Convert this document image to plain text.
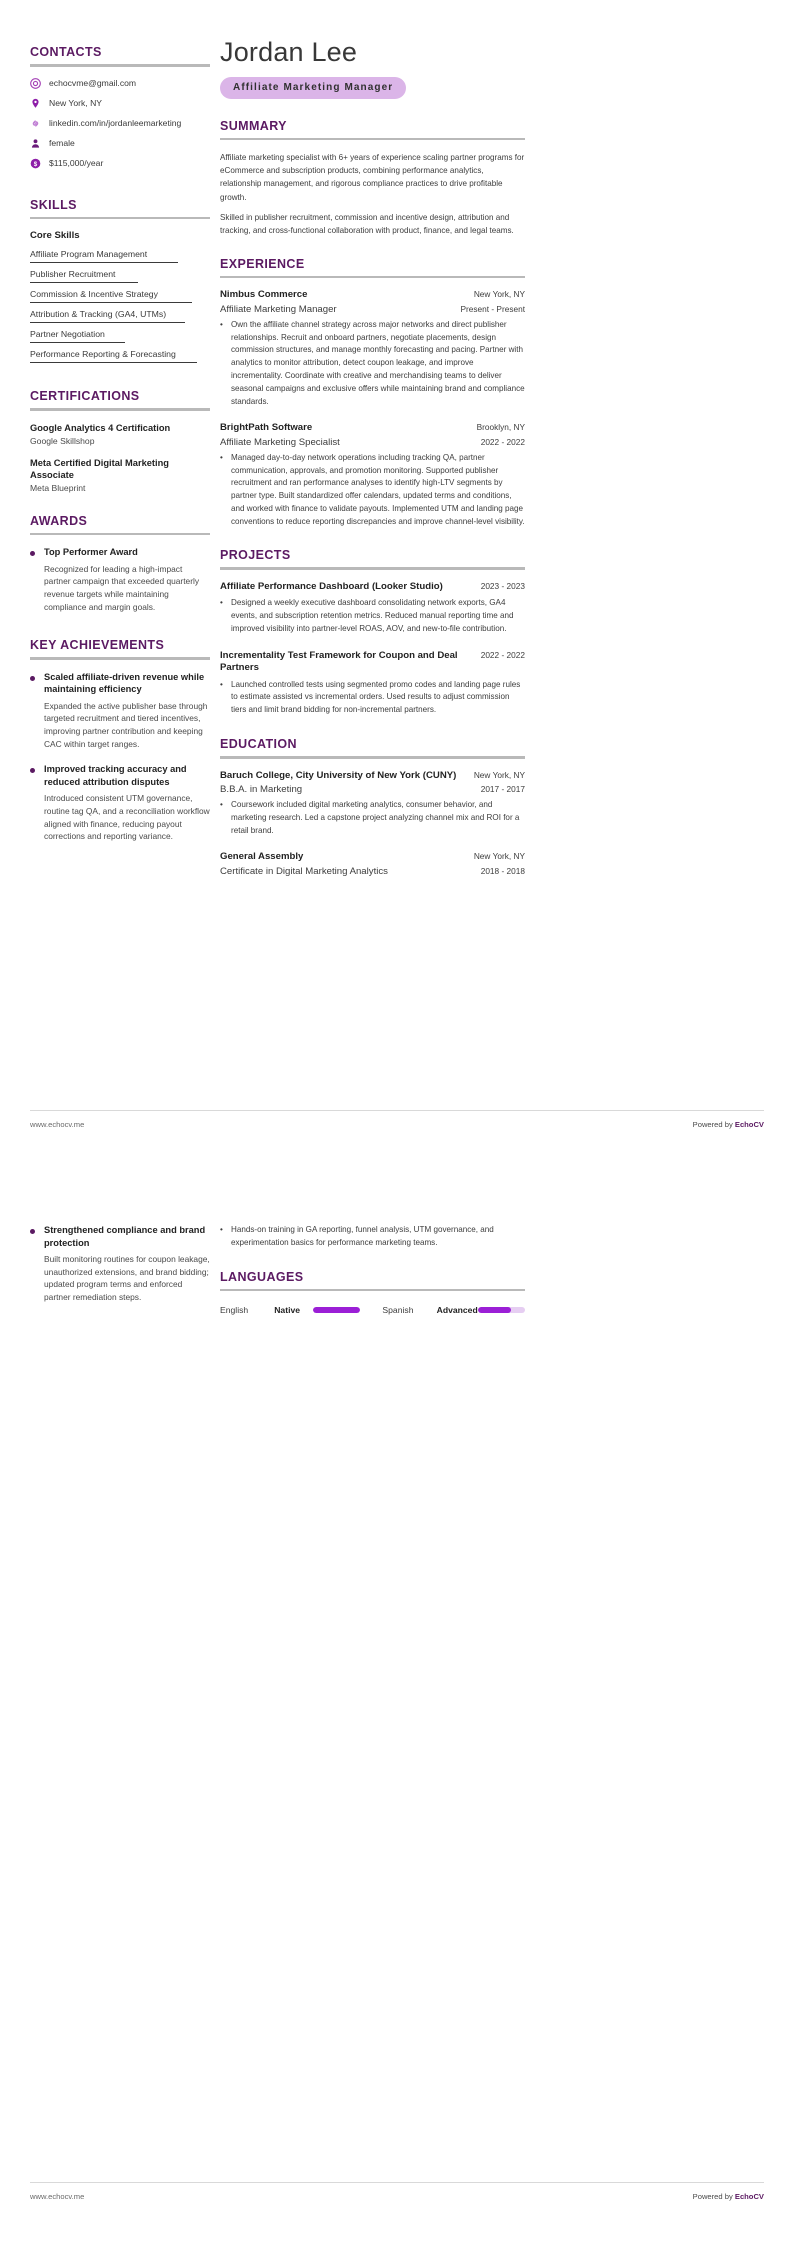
CONTACTS
echocvme@gmail.com
New York, NY
linkedin.com/in/jordanleemarketing
female
$ $115,000/year
SKILLS
Core Skills
Affiliate Program Management
Publisher Recruitment
Commission & Incentive Strategy
Attribution & Tracking (GA4, UTMs)
Partner Negotiation
Performance Reporting & Forecasting
CERTIFICATIONS
Google Analytics 4 Certification
Google Skillshop
Meta Certified Digital Marketing Associate
Meta Blueprint
AWARDS
Top Performer Award
Recognized for leading a high-impact partner campaign that exceeded quarterly revenue targets while maintaining compliance and margin goals.
KEY ACHIEVEMENTS
Scaled affiliate-driven revenue while maintaining efficiency
Expanded the active publisher base through targeted recruitment and tiered incentives, improving partner contribution and keeping CAC within target ranges.
Improved tracking accuracy and reduced attribution disputes
Introduced consistent UTM governance, routine tag QA, and a reconciliation workflow aligned with finance, reducing payout corrections and reporting variance.
Jordan Lee
Affiliate Marketing Manager
SUMMARY
Affiliate marketing specialist with 6+ years of experience scaling partner programs for eCommerce and subscription products, combining performance analytics, relationship management, and rigorous compliance practices to drive profitable growth.
Skilled in publisher recruitment, commission and incentive design, attribution and tracking, and cross-functional collaboration with product, finance, and legal teams.
EXPERIENCE
Nimbus Commerce	New York, NY
Affiliate Marketing Manager	Present - Present
• Own the affiliate channel strategy across major networks and direct publisher relationships. Recruit and onboard partners, negotiate placements, design commission structures, and manage monthly forecasting and pacing. Partner with analytics to monitor attribution, detect coupon leakage, and improve incrementality. Coordinate with creative and merchandising teams to deliver seasonal campaigns and exclusive offers while maintaining brand and compliance standards.
BrightPath Software	Brooklyn, NY
Affiliate Marketing Specialist	2022 - 2022
• Managed day-to-day network operations including tracking QA, partner communication, approvals, and promotion monitoring. Supported publisher recruitment and ran performance analyses to identify high-LTV segments by partner type. Built standardized offer calendars, updated terms and conditions, and worked with finance to validate payouts. Implemented UTM and landing page conventions to reduce reporting discrepancies and improve channel-level visibility.
PROJECTS
Affiliate Performance Dashboard (Looker Studio)	2023 - 2023
• Designed a weekly executive dashboard consolidating network exports, GA4 events, and subscription retention metrics. Reduced manual reporting time and improved visibility into partner-level ROAS, AOV, and new-to-file contribution.
Incrementality Test Framework for Coupon and Deal Partners
2022 - 2022
• Launched controlled tests using segmented promo codes and landing page rules to estimate assisted vs incremental orders. Used results to adjust commission tiers and limit brand bidding for non-incremental partners.
EDUCATION
Baruch College, City University of New York (CUNY)	New York, NY
B.B.A. in Marketing	2017 - 2017
• Coursework included digital marketing analytics, consumer behavior, and marketing research. Led a capstone project analyzing channel mix and ROI for a retail brand.
General Assembly	New York, NY
Certificate in Digital Marketing Analytics	2018 - 2018
www.echocv.me	Powered by EchoCV
Strengthened compliance and brand protection
Built monitoring routines for coupon leakage, unauthorized extensions, and brand bidding; updated program terms and enforced partner remediation steps.
• Hands-on training in GA reporting, funnel analysis, UTM governance, and experimentation basics for performance marketing teams.
LANGUAGES
English	Native	Spanish	Advanced
www.echocv.me	Powered by EchoCV
